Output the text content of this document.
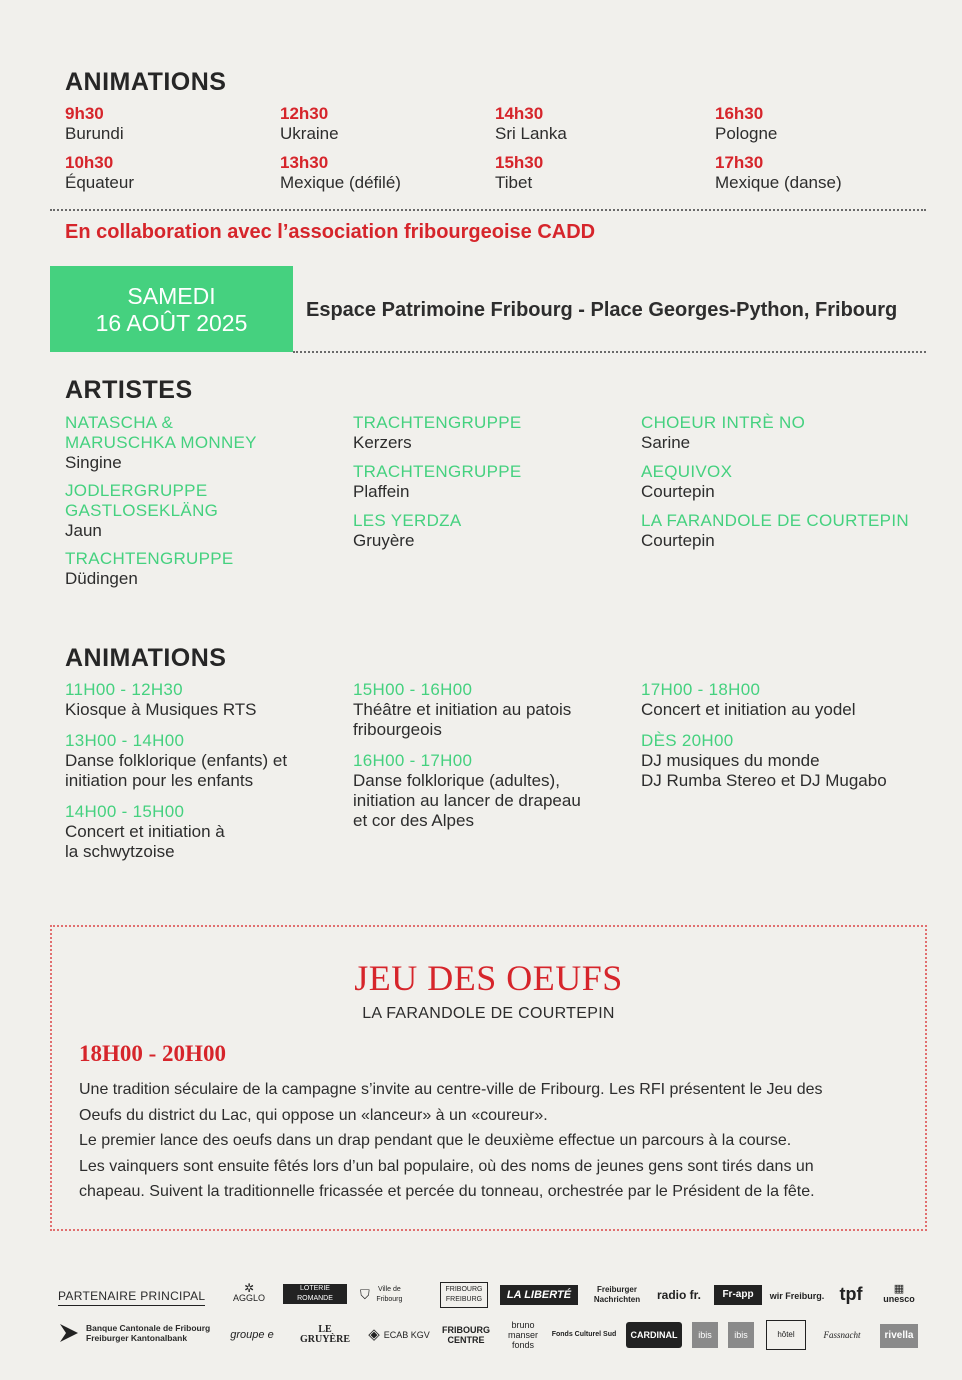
ANIMATIONS
9h30
Burundi
12h30
Ukraine
14h30
Sri Lanka
16h30
Pologne
10h30
Équateur
13h30
Mexique (défilé)
15h30
Tibet
17h30
Mexique (danse)
En collaboration avec l’association fribourgeoise CADD
SAMEDI
16 AOÛT 2025	Espace Patrimoine Fribourg - Place Georges-Python, Fribourg
ARTISTES
NATASCHA &
MARUSCHKA MONNEY
Singine
JODLERGRUPPE
GASTLOSEKLÄNG
Jaun
TRACHTENGRUPPE
Düdingen
TRACHTENGRUPPE
Kerzers
TRACHTENGRUPPE
Plaffein
LES YERDZA
Gruyère
CHOEUR INTRÈ NO
Sarine
AEQUIVOX
Courtepin
LA FARANDOLE DE COURTEPIN
Courtepin
ANIMATIONS
11H00 - 12H30
Kiosque à Musiques RTS
13H00 - 14H00
Danse folklorique (enfants) et
initiation pour les enfants
14H00 - 15H00
Concert et initiation à
la schwytzoise
15H00 - 16H00
Théâtre et initiation au patois
fribourgeois
16H00 - 17H00
Danse folklorique (adultes),
initiation au lancer de drapeau
et cor des Alpes
17H00 - 18H00
Concert et initiation au yodel
DÈS 20H00
DJ musiques du monde
DJ Rumba Stereo et DJ Mugabo
JEU DES OEUFS
LA FARANDOLE DE COURTEPIN
18H00 - 20H00
Une tradition séculaire de la campagne s’invite au centre-ville de Fribourg. Les RFI présentent le Jeu des
Oeufs du district du Lac, qui oppose un «lanceur» à un «coureur».
Le premier lance des oeufs dans un drap pendant que le deuxième effectue un parcours à la course.
Les vainquers sont ensuite fêtés lors d’un bal populaire, où des noms de jeunes gens sont tirés dans un
chapeau. Suivent la traditionnelle fricassée et percée du tonneau, orchestrée par le Président de la fête.
PARTENAIRE PRINCIPAL
Banque Cantonale de Fribourg
Freiburger Kantonalbank
✲
AGGLO
LOTERIE ROMANDE	⛉	Ville de Fribourg
FRIBOURG FREIBURG	LA LIBERTÉ	Freiburger Nachrichten	radio fr.	Fr-app	wir Freiburg. tpf	▦
unesco
groupe e	LE GRUYÈRE	◈ ECAB KGV	FRIBOURG CENTRE
bruno manser fonds
Fonds Culturel Sud	CARDINAL	ibis	ibis	hôtel	Fassnacht	rivella
